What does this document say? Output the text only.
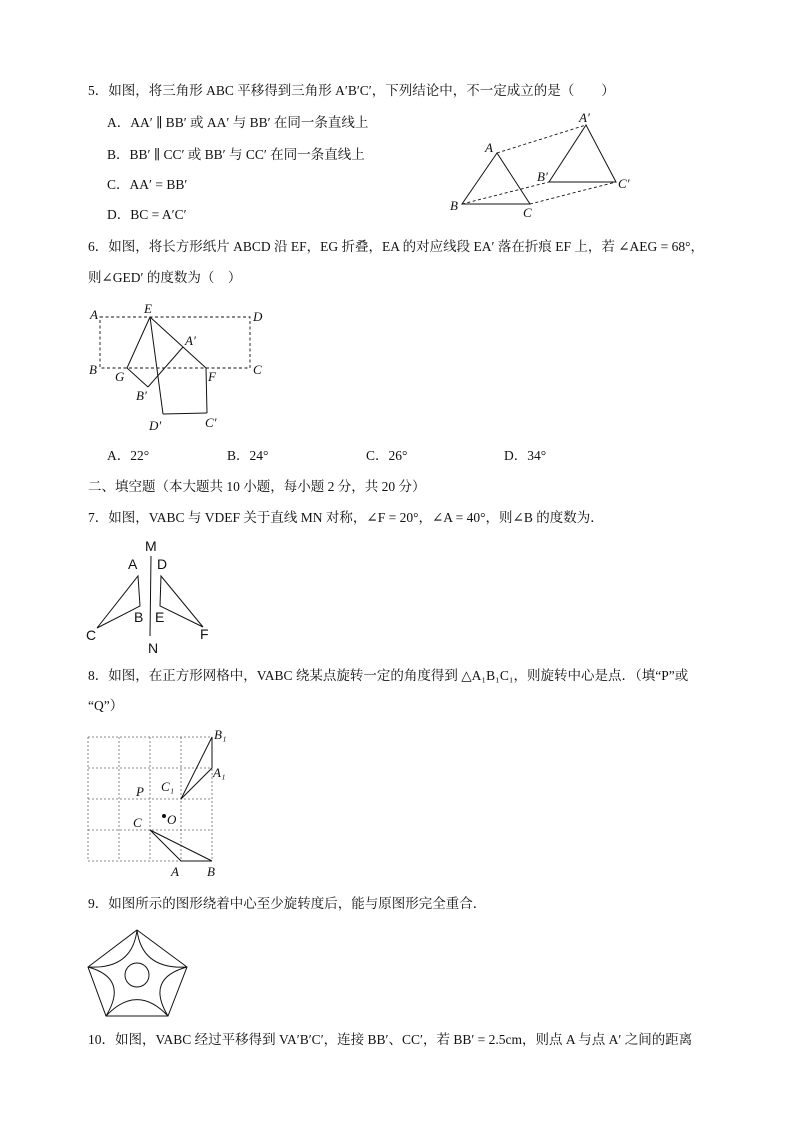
5．如图，将三角形 ABC 平移得到三角形 A′B′C′，下列结论中，不一定成立的是（　　）
A．AA′ ∥ BB′ 或 AA′ 与 BB′ 在同一条直线上
B．BB′ ∥ CC′ 或 BB′ 与 CC′ 在同一条直线上
C．AA′ = BB′
D．BC = A′C′
6．如图，将长方形纸片 ABCD 沿 EF，EG 折叠，EA 的对应线段 EA′ 落在折痕 EF 上，若 ∠AEG = 68°，
则∠GED′ 的度数为（　）
A．22°	B．24°	C．26°	D．34°
二、填空题（本大题共 10 小题，每小题 2 分，共 20 分）
7．如图，VABC 与 VDEF 关于直线 MN 对称，∠F = 20°，∠A = 40°，则∠B 的度数为．
8．如图，在正方形网格中，VABC 绕某点旋转一定的角度得到 △A₁B₁C₁，则旋转中心是点．（填“P”或
“Q”）
9．如图所示的图形绕着中心至少旋转度后，能与原图形完全重合．
10．如图，VABC 经过平移得到 VA′B′C′，连接 BB′、CC′，若 BB′ = 2.5cm，则点 A 与点 A′ 之间的距离
A
B	C
A′
B′	C′
A	D
E
A′
B G	F	C
B′
D′	C′
M
A D
B E
C	F
N
B₁
A₁
C₁
P
C O
A B
